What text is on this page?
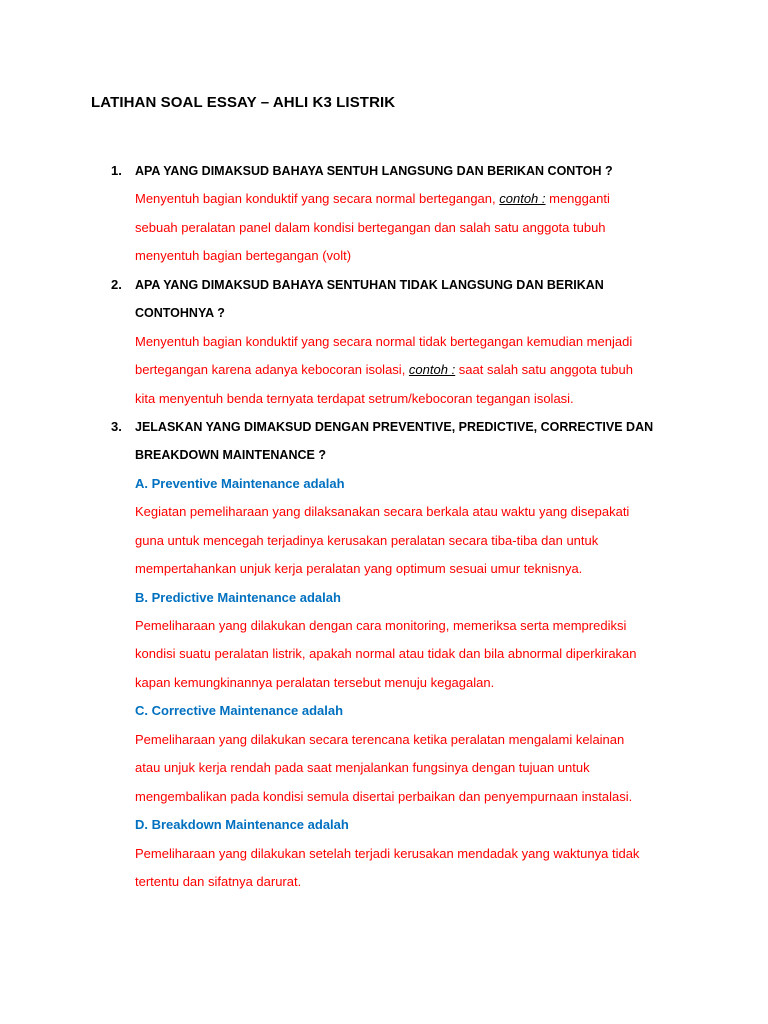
LATIHAN SOAL ESSAY – AHLI K3 LISTRIK
1. APA YANG DIMAKSUD BAHAYA SENTUH LANGSUNG DAN BERIKAN CONTOH ?
Menyentuh bagian konduktif yang secara normal bertegangan, contoh : mengganti
sebuah peralatan panel dalam kondisi bertegangan dan salah satu anggota tubuh
menyentuh bagian bertegangan (volt)
2. APA YANG DIMAKSUD BAHAYA SENTUHAN TIDAK LANGSUNG DAN BERIKAN
CONTOHNYA ?
Menyentuh bagian konduktif yang secara normal tidak bertegangan kemudian menjadi
bertegangan karena adanya kebocoran isolasi, contoh : saat salah satu anggota tubuh
kita menyentuh benda ternyata terdapat setrum/kebocoran tegangan isolasi.
3. JELASKAN YANG DIMAKSUD DENGAN PREVENTIVE, PREDICTIVE, CORRECTIVE DAN
BREAKDOWN MAINTENANCE ?
A. Preventive Maintenance adalah
Kegiatan pemeliharaan yang dilaksanakan secara berkala atau waktu yang disepakati
guna untuk mencegah terjadinya kerusakan peralatan secara tiba-tiba dan untuk
mempertahankan unjuk kerja peralatan yang optimum sesuai umur teknisnya.
B. Predictive Maintenance adalah
Pemeliharaan yang dilakukan dengan cara monitoring, memeriksa serta memprediksi
kondisi suatu peralatan listrik, apakah normal atau tidak dan bila abnormal diperkirakan
kapan kemungkinannya peralatan tersebut menuju kegagalan.
C. Corrective Maintenance adalah
Pemeliharaan yang dilakukan secara terencana ketika peralatan mengalami kelainan
atau unjuk kerja rendah pada saat menjalankan fungsinya dengan tujuan untuk
mengembalikan pada kondisi semula disertai perbaikan dan penyempurnaan instalasi.
D. Breakdown Maintenance adalah
Pemeliharaan yang dilakukan setelah terjadi kerusakan mendadak yang waktunya tidak
tertentu dan sifatnya darurat.
